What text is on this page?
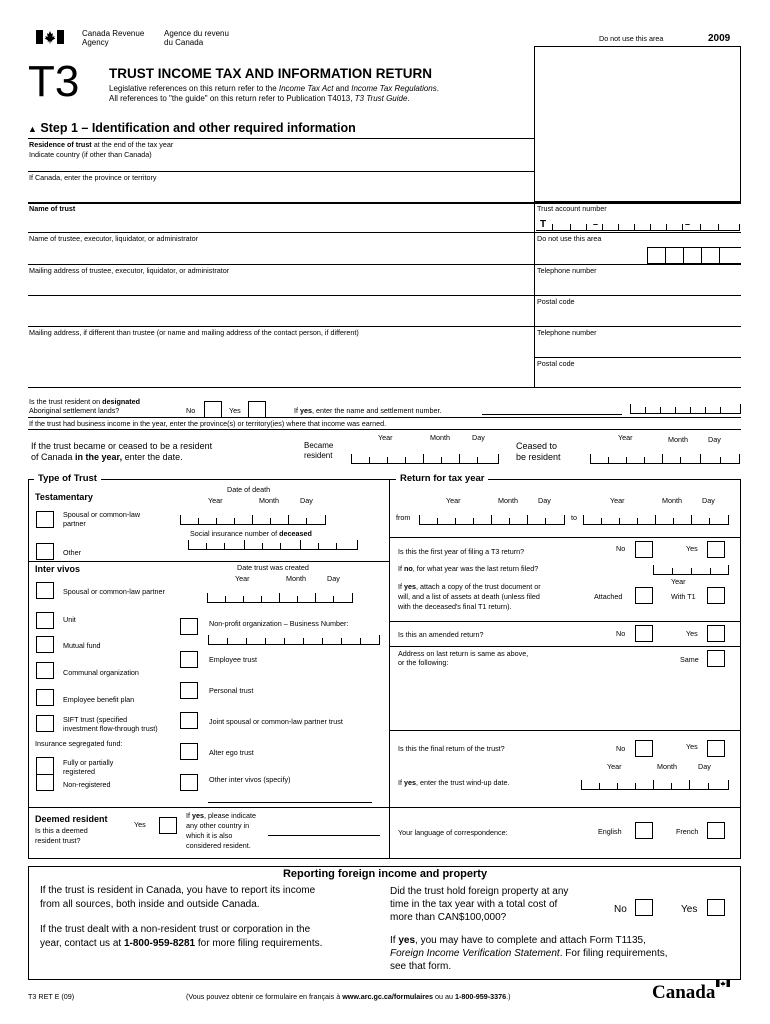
Canada Revenue
Agency
Agence du revenu
du Canada	Do not use this area	2009
T3 TRUST INCOME TAX AND INFORMATION RETURN
Legislative references on this return refer to the Income Tax Act and Income Tax Regulations.
All references to "the guide" on this return refer to Publication T4013, T3 Trust Guide.
▲ Step 1 – Identification and other required information
Residence of trust at the end of the tax year
Indicate country (if other than Canada)
If Canada, enter the province or territory
Name of trust	Trust account number
T	–	–
Name of trustee, executor, liquidator, or administrator	Do not use this area
Mailing address of trustee, executor, liquidator, or administrator	Telephone number
Postal code
Mailing address, if different than trustee (or name and mailing address of the contact person, if different)	Telephone number
Postal code
Is the trust resident on designated
Aboriginal settlement lands?	No	Yes	If yes, enter the name and settlement number.
If the trust had business income in the year, enter the province(s) or territory(ies) where that income was earned.
If the trust became or ceased to be a resident
of Canada in the year, enter the date.
Became
resident
Year	Month	Day
Ceased to
be resident
Year	Month	Day
Type of Trust	Return for tax year
Testamentary
Date of death
Year	Month	Day
Spousal or common-law
partner
Social insurance number of deceased
Other
Inter vivos	Date trust was created
Year	Month	Day
Spousal or common-law partner
Unit	Non-profit organization – Business Number:
Mutual fund
Employee trust
Communal organization
Personal trust
Employee benefit plan
SIFT trust (specified
investment flow-through trust)
Joint spousal or common-law partner trust
Insurance segregated fund:
Alter ego trust
Fully or partially
registered
Non-registered
Other inter vivos (specify)
Deemed resident
Is this a deemed
resident trust?
Yes
If yes, please indicate
any other country in
which it is also
considered resident.
Year	Month	Day	Year	Month	Day
from	to
Is this the first year of filing a T3 return?	No	Yes
If no, for what year was the last return filed?
If yes, attach a copy of the trust document or
will, and a list of assets at death (unless filed
with the deceased's final T1 return).
Attached
Year
With T1
Is this an amended return?	No	Yes
Address on last return is same as above,
or the following:	Same
Is this the final return of the trust?	No	Yes
Year	Month	Day
If yes, enter the trust wind-up date.
Your language of correspondence:	English	French
Reporting foreign income and property
If the trust is resident in Canada, you have to report its income
from all sources, both inside and outside Canada.
If the trust dealt with a non-resident trust or corporation in the
year, contact us at 1-800-959-8281 for more filing requirements.
Did the trust hold foreign property at any
time in the tax year with a total cost of
more than CAN$100,000?
No	Yes
If yes, you may have to complete and attach Form T1135,
Foreign Income Verification Statement. For filing requirements,
see that form.
T3 RET E (09)	(Vous pouvez obtenir ce formulaire en français à www.arc.gc.ca/formulaires ou au 1-800-959-3376.)	Canada
